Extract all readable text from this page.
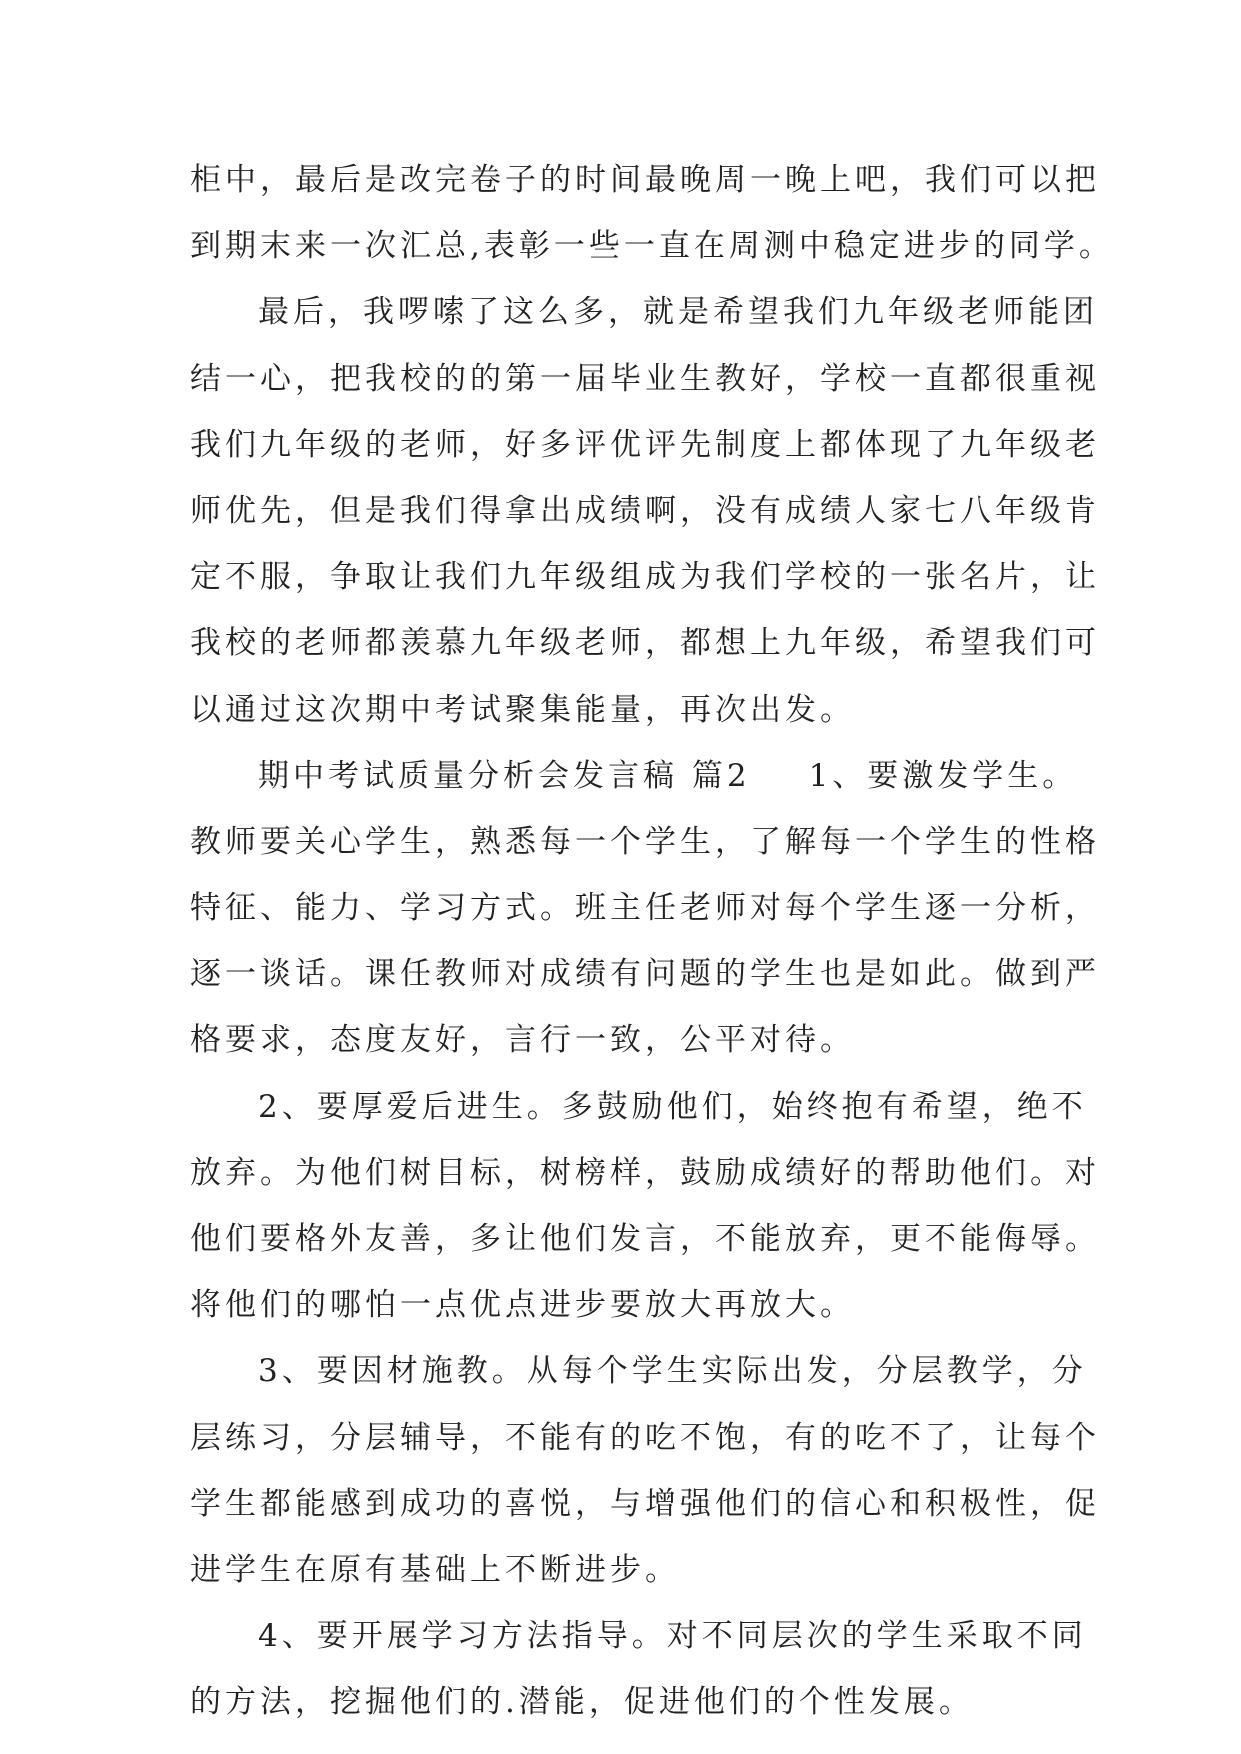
柜中，最后是改完卷子的时间最晚周一晚上吧，我们可以把
到期末来一次汇总,表彰一些一直在周测中稳定进步的同学。
最后，我啰嗦了这么多，就是希望我们九年级老师能团
结一心，把我校的的第一届毕业生教好，学校一直都很重视
我们九年级的老师，好多评优评先制度上都体现了九年级老
师优先，但是我们得拿出成绩啊，没有成绩人家七八年级肯
定不服，争取让我们九年级组成为我们学校的一张名片，让
我校的老师都羡慕九年级老师，都想上九年级，希望我们可
以通过这次期中考试聚集能量，再次出发。
期中考试质量分析会发言稿 篇2 1、要激发学生。
教师要关心学生，熟悉每一个学生，了解每一个学生的性格
特征、能力、学习方式。班主任老师对每个学生逐一分析，
逐一谈话。课任教师对成绩有问题的学生也是如此。做到严
格要求，态度友好，言行一致，公平对待。
2、要厚爱后进生。多鼓励他们，始终抱有希望，绝不
放弃。为他们树目标，树榜样，鼓励成绩好的帮助他们。对
他们要格外友善，多让他们发言，不能放弃，更不能侮辱。
将他们的哪怕一点优点进步要放大再放大。
3、要因材施教。从每个学生实际出发，分层教学，分
层练习，分层辅导，不能有的吃不饱，有的吃不了，让每个
学生都能感到成功的喜悦，与增强他们的信心和积极性，促
进学生在原有基础上不断进步。
4、要开展学习方法指导。对不同层次的学生采取不同
的方法，挖掘他们的.潜能，促进他们的个性发展。
